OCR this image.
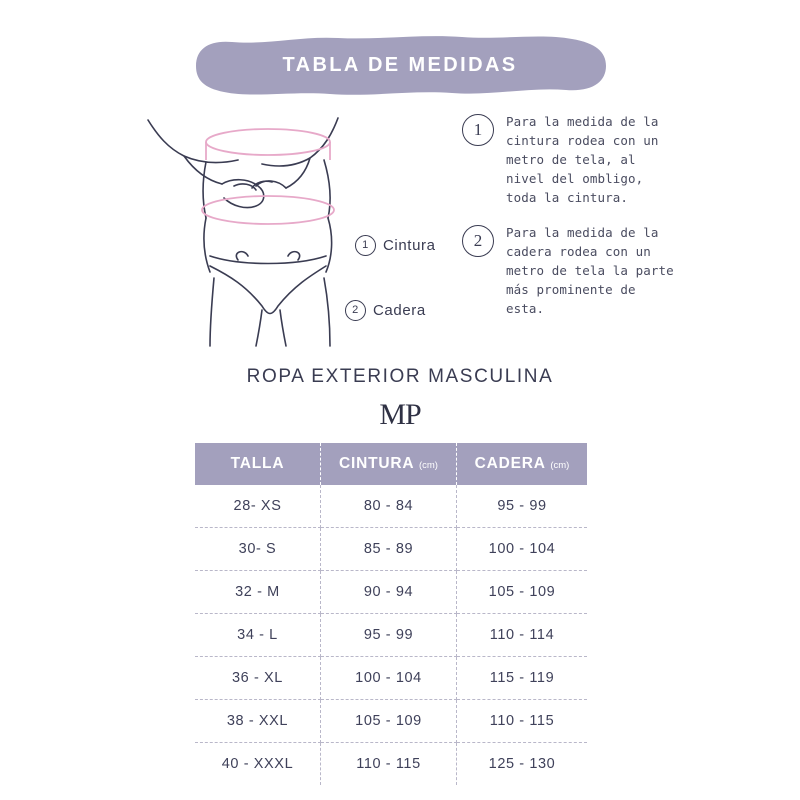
TABLA DE MEDIDAS
1 Cintura
2 Cadera
1	Para la medida de la cintura rodea con un metro de tela, al nivel del ombligo, toda la cintura.
2	Para la medida de la cadera rodea con un metro de tela la parte más prominente de esta.
ROPA EXTERIOR MASCULINA
MP
TALLA	CINTURA (cm)	CADERA (cm)
28- XS	80 - 84	95 - 99
30- S	85 - 89	100 - 104
32 - M	90 - 94	105 - 109
34 - L	95 - 99	110 - 114
36 - XL	100 - 104	115 - 119
38 - XXL	105 - 109	110 - 115
40 - XXXL	110 - 115	125 - 130
